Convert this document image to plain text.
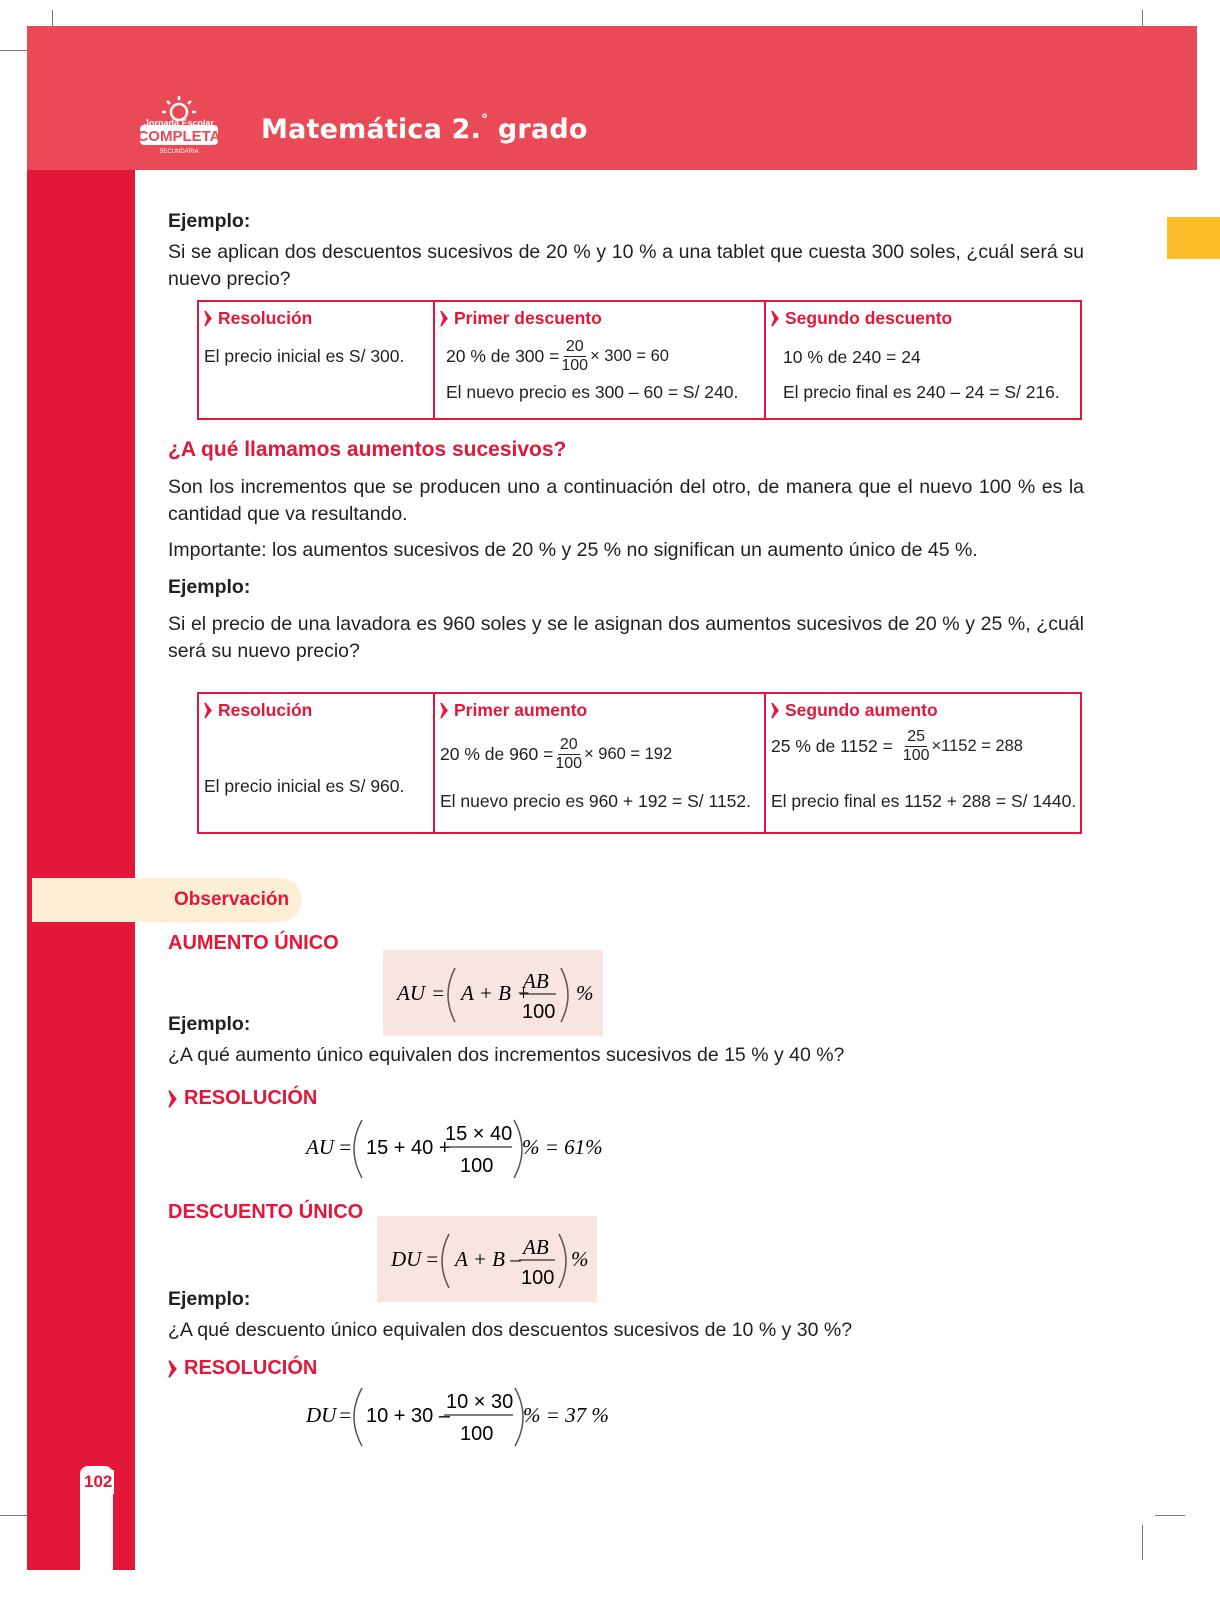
Jornada Escolar
COMPLETA
SECUNDARIA
Matemática 2.° grado
Ejemplo:
Si se aplican dos descuentos sucesivos de 20 % y 10 % a una tablet que cuesta 300 soles, ¿cuál será su nuevo precio?
Resolución
El precio inicial es S/ 300.
Primer descuento
20 % de $300 = \frac{20}{100} \times 300 = 60$
El nuevo precio es 300 – 60 = S/ 240.
Segundo descuento
10 % de 240 = 24
El precio final es 240 – 24 = S/ 216.
¿A qué llamamos aumentos sucesivos?
Son los incrementos que se producen uno a continuación del otro, de manera que el nuevo 100 % es la cantidad que va resultando.
Importante: los aumentos sucesivos de 20 % y 25 % no significan un aumento único de 45 %.
Ejemplo:
Si el precio de una lavadora es 960 soles y se le asignan dos aumentos sucesivos de 20 % y 25 %, ¿cuál será su nuevo precio?
Resolución
El precio inicial es S/ 960.
Primer aumento
20 % de $960 = \frac{20}{100} \times 960 = 192$
El nuevo precio es 960 + 192 = S/ 1152.
Segundo aumento
25 % de $1152 = \frac{25}{100} \times 1152 = 288$
El precio final es 1152 + 288 = S/ 1440.
Observación
AUMENTO ÚNICO
AU = A + B +
AB
100
%
Ejemplo:
¿A qué aumento único equivalen dos incrementos sucesivos de 15 % y 40 %?
RESOLUCIÓN
AU = 15 + 40 +
15 × 40
100
% = 61%
DESCUENTO ÚNICO
DU = A + B – AB
100
%
Ejemplo:
¿A qué descuento único equivalen dos descuentos sucesivos de 10 % y 30 %?
RESOLUCIÓN
DU = 10 + 30 –
10 × 30
100
% = 37 %
102
